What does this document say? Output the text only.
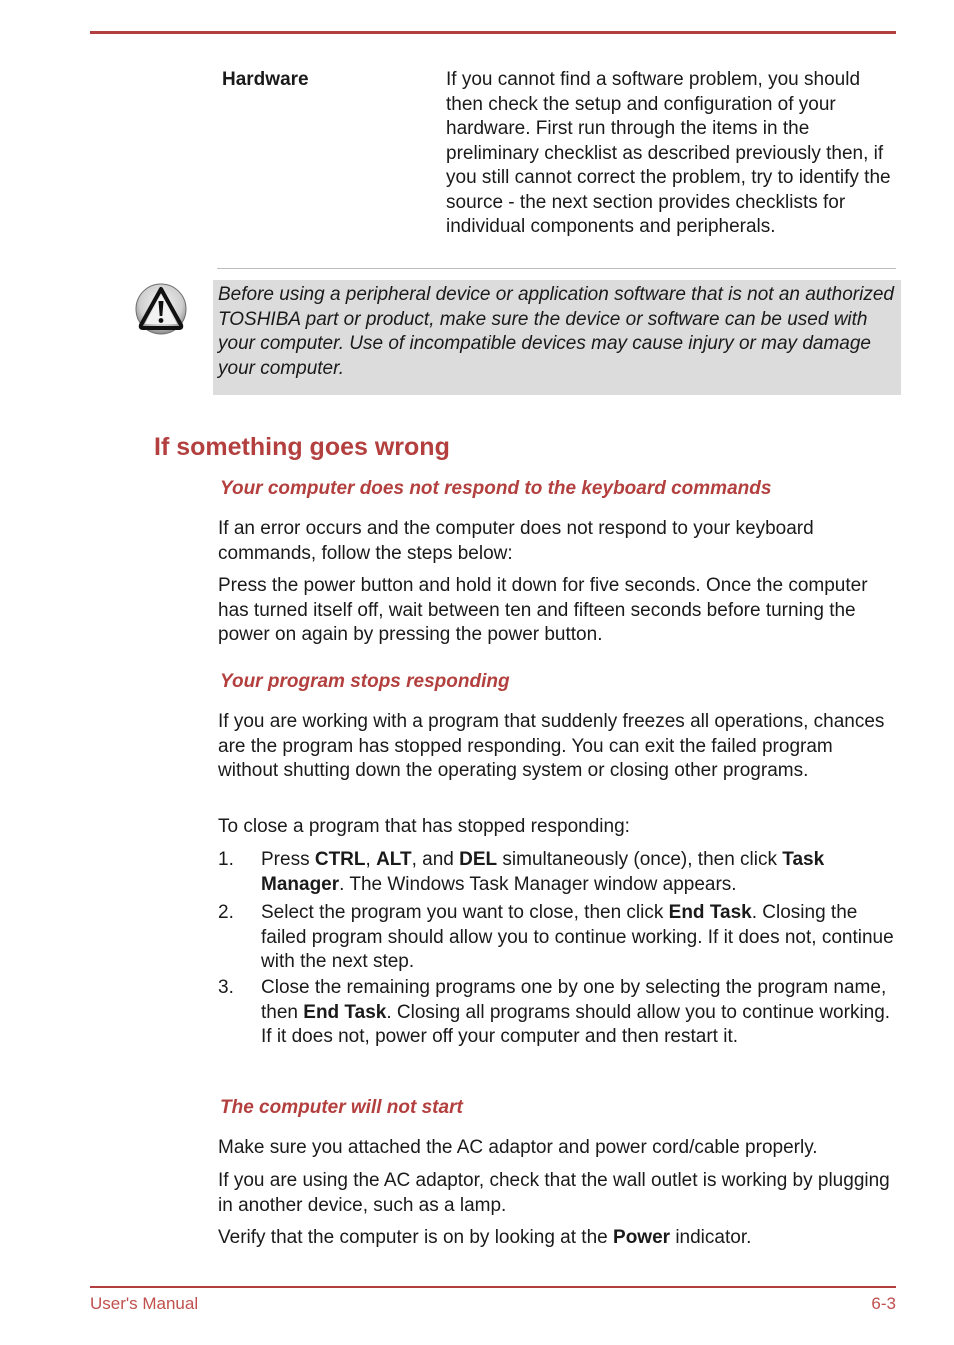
Hardware	If you cannot find a software problem, you should then check the setup and configuration of your hardware. First run through the items in the preliminary checklist as described previously then, if you still cannot correct the problem, try to identify the source - the next section provides checklists for individual components and peripherals.

Before using a peripheral device or application software that is not an authorized TOSHIBA part or product, make sure the device or software can be used with your computer. Use of incompatible devices may cause injury or may damage your computer.

If something goes wrong
Your computer does not respond to the keyboard commands

If an error occurs and the computer does not respond to your keyboard commands, follow the steps below:

Press the power button and hold it down for five seconds. Once the computer has turned itself off, wait between ten and fifteen seconds before turning the power on again by pressing the power button.

Your program stops responding

If you are working with a program that suddenly freezes all operations, chances are the program has stopped responding. You can exit the failed program without shutting down the operating system or closing other programs.

To close a program that has stopped responding:

1. Press CTRL, ALT, and DEL simultaneously (once), then click Task Manager. The Windows Task Manager window appears.
2. Select the program you want to close, then click End Task. Closing the failed program should allow you to continue working. If it does not, continue with the next step.
3. Close the remaining programs one by one by selecting the program name, then End Task. Closing all programs should allow you to continue working. If it does not, power off your computer and then restart it.
The computer will not start

Make sure you attached the AC adaptor and power cord/cable properly.

If you are using the AC adaptor, check that the wall outlet is working by plugging in another device, such as a lamp.

Verify that the computer is on by looking at the Power indicator.

User's Manual	6-3
